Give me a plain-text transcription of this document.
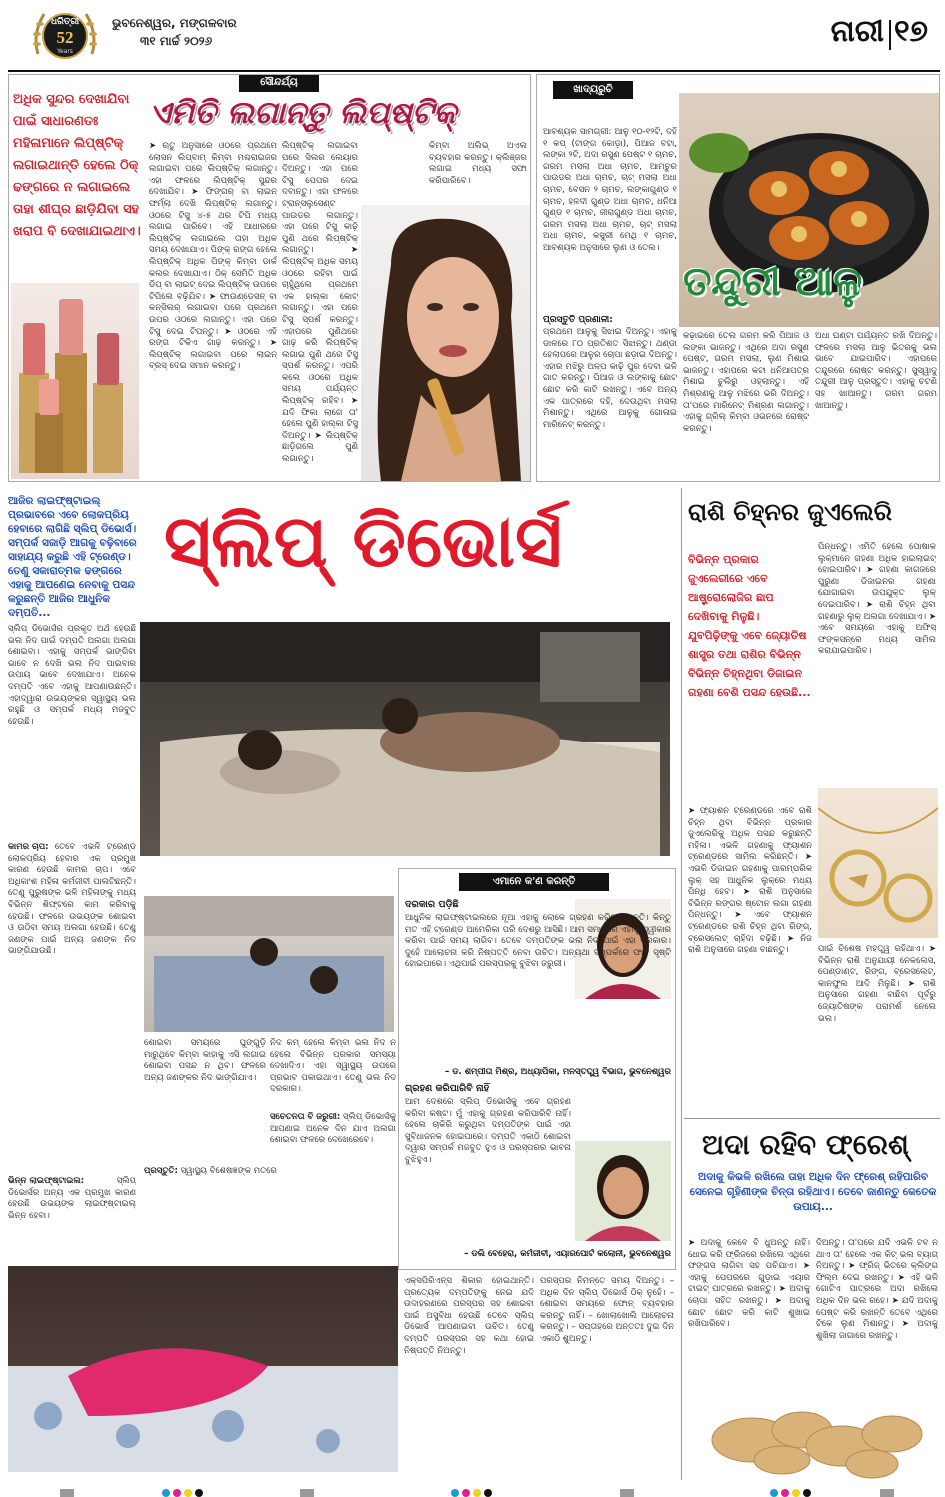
ଧରିତ୍ରୀ
52
Years
ଭୁବନେଶ୍ୱର, ମଙ୍ଗଳବାର
୩୧ ମାର୍ଚ୍ଚ ୨୦୨୬	ନାରୀ ୧୭
ସୌନ୍ଦର୍ଯ୍ୟ
ଏମିତି ଲଗାନ୍ତୁ ଲିପ୍‌ଷ୍ଟିକ୍‌
ଅଧିକ ସୁନ୍ଦର ଦେଖାଯିବା ପାଇଁ ସାଧାରଣତଃ ମହିଳାମାନେ ଲିପ୍‌ଷ୍ଟିକ୍ ଲଗାଇଥାନ୍ତି ହେଲେ ଠିକ୍ ଢଙ୍ଗରେ ନ ଲଗାଇଲେ ତାହା ଶୀଘ୍ର ଛାଡ଼ିଯିବା ସହ ଖରାପ ବି ଦେଖାଯାଇଥାଏ।
➤ ଋତୁ ଅନୁସାରେ ଓଠରେ ପ୍ରଥମେ ଲୋସନ ଲିପ୍‌ବାମ୍ କିମ୍ବା ମଶ୍ଚରାଇଜର ଲଗାଇବା ପରେ ଲିପ୍‌ଷ୍ଟିକ୍ ଲଗାନ୍ତୁ। ଏହା ଫଳରେ ଲିପ୍‌ଷ୍ଟିକ୍ ସୁନ୍ଦର ଦେଖାଯିବ। ➤ ଫିଙ୍ଗର୍ ବା ଲାଇନ୍ ଫର୍ମ୍ଲା ଦେଖି ଲିପ୍‌ଷ୍ଟିକ୍ ଲଗାନ୍ତୁ। ଓଠରେ ଟିସୁ ୪-୫ ଥର ଟିପି ମଧ୍ୟ ଲଗାଇ ପାରିବେ। ଏହି ଆଧାରରେ ଲିପ୍‌ଷ୍ଟିକ୍ ଲଗାଇଲେ ତାହା ଅଧିକ ସମୟ ଦେଖାଯାଏ। ପିଙ୍କ୍ ରଙ୍ଗ ହେଲେ ଲିପ୍‌ଷ୍ଟିକ୍ ଅଧିକ ପିଙ୍କ୍ କିମ୍ବା ଡାର୍କ କଲର ଦେଖାଯାଏ। ଠିକ୍ ସେମିତି ଅଧିକ ଡିପ୍ ବା ଲାଇଟ୍ ଦେଇ ଲିପ୍‌ଷ୍ଟିକ୍ ଉପରେ ଟିପିଲେ ବଢ଼ିଯିବ। ➤ ଫାଉଣ୍ଡେସନ୍ ବା କନ୍‌ସିଲର୍ ଲଗାଇବା ପରେ ପ୍ରଥମେ ଉପର ଓଠରେ ଲଗାନ୍ତୁ। ଏହା ପରେ ଟିସୁ ଦେଇ ଟିପନ୍ତୁ। ➤ ଓଠରେ ଏହି ରଙ୍ଗ ଟିକିଏ ଗାଢ଼ କରନ୍ତୁ। ➤ ଲିପ୍‌ଷ୍ଟିକ୍ ଲଗାଇବା ପରେ ଲାଇନ୍ ବ୍ରସ୍ ଦେଇ ସମାନ କରନ୍ତୁ।
ଲିପ୍‌ଷ୍ଟିକ୍ ଲଗାଇବା ପରେ ସିଲର ଲେୟାର ଦିଅନ୍ତୁ। ଏହା ପରେ ଟିସୁ ପେପର ଦେଇ ଦବାନ୍ତୁ। ଏହା ଫଳରେ ଟ୍ରାନ୍ସଲୁସେଣ୍ଟ ପାଉଡର ଲଗାନ୍ତୁ। ଏହା ପରେ ଟିସୁ କାଢ଼ି ପୁଣି ଥରେ ଲିପ୍‌ଷ୍ଟିକ୍ ଲଗାନ୍ତୁ। ➤ ଲିପ୍‌ଷ୍ଟିକ୍ ଅଧିକ ସମୟ ଓଠରେ ରହିବା ପାଇଁ ଚାହୁଁଥିଲେ ପ୍ରଥମେ ଏକ ହାଲ୍‌କା କୋଟ୍ ଲଗାନ୍ତୁ। ଏହା ପରେ ଟିସୁ ସ୍ପର୍ଶ କରନ୍ତୁ। ଏହାପରେ ପୁଣିଥରେ ଗାଢ଼ କରି ଲିପ୍‌ଷ୍ଟିକ୍ ଲଗାଇ ପୁଣି ଥରେ ଟିସୁ ସ୍ପର୍ଶ କରନ୍ତୁ। ଏପରି କଲେ ଓଠରେ ଅଧିକ ସମୟ ପର୍ଯ୍ୟନ୍ତ ଲିପ୍‌ଷ୍ଟିକ୍ ରହିବ। ➤ ଯଦି ଫିକା ଲାଗେ ତା' ହେଲେ ପୁଣି ହାଲ୍‌କା ଟିସୁ ଦିଅନ୍ତୁ। ➤ ଲିପ୍‌ଷ୍ଟିକ୍ ଛାଡ଼ିଗଲେ ପୁଣି ଲଗାନ୍ତୁ।
କିମ୍ବା ଅଲିଭ୍ ଅଏଲ ବ୍ୟବହାର କରନ୍ତୁ। କ୍ଲିଞ୍ଜର ଲଗାଇ ମଧ୍ୟ ସଫା କରିପାରିବେ।
ଖାଦ୍ୟରୁଚି
ତନ୍ଦୁରୀ ଆଳୁ
ଆବଶ୍ୟକ ସାମଗ୍ରୀ: ଆଳୁ ୧୦-୧୨ଟି, ଦହି ୧ କପ୍ (ଟାଙ୍ଗ କୋଡ଼ା), ପିଆଜ ବଟା, ଲଙ୍କା ୨ଟି, ଅଦା ରସୁଣ ପେଷ୍ଟ ୧ ଚାମଚ, ଗରମ ମସଲା ଅଧା ଚାମଚ, ଆମଚୁର ପାଉଡର ଅଧା ଚାମଚ, ଚାଟ୍ ମସଲା ଅଧା ଚାମଚ, ବେସନ ୨ ଚାମଚ, ଲଙ୍କାଗୁଣ୍ଡ ୧ ଚାମଚ, ହଳଦୀ ଗୁଣ୍ଡ ଅଧା ଚାମଚ, ଧନିଆ ଗୁଣ୍ଡ ୧ ଚାମଚ, ଜୀରାଗୁଣ୍ଡ ଅଧା ଚାମଚ, ଗରମ ମସଲା ଅଧା ଚାମଚ, ଚାଟ୍ ମସଲା ଅଧା ଚାମଚ, କସୁରୀ ମେଥି ୧ ଚାମଚ, ଆବଶ୍ୟକ ଅନୁସାରେ ଲୁଣ ଓ ତେଲ।
ପ୍ରସ୍ତୁତି ପ୍ରଣାଳୀ:
ପ୍ରଥମେ ଆଳୁକୁ ସିଝାଇ ଦିଅନ୍ତୁ। ଏହାକୁ ଡାଳରେ ୮୦ ପ୍ରତିଶତ ସିଝାନ୍ତୁ। ଥଣ୍ଡା ହେଲାପରେ ଆଳୁର ଚୋପା ଛଡ଼ାଇ ଦିଅନ୍ତୁ। ଏହାର ମଝିରୁ ଅଳ୍ପ କାଢ଼ି ପୁର ଦେବା ଭଳି ଗାତ କରନ୍ତୁ। ପିଆଜ ଓ ଲଙ୍କାକୁ ଛୋଟ ଛୋଟ କରି କାଟି ରଖନ୍ତୁ। ଏବେ ଅନ୍ୟ ଏକ ପାତ୍ରରେ ଦହି, ଦେଉଥିବା ମସଲା ମିଶାନ୍ତୁ। ଏଥିରେ ଆଳୁକୁ ଗୋଳାଇ ମାରିନେଟ୍ କରନ୍ତୁ।
କଢ଼ାଇରେ ତେଲ ଗରମ କରି ପିଆଜ ଓ ଲଙ୍କା ଭାଜନ୍ତୁ। ଏଥିରେ ଅଦା ରସୁଣ ପେଷ୍ଟ, ଗରମ ମସଲା, ଲୁଣ ମିଶାଇ ଭାଜନ୍ତୁ। ଏହାପରେ କଟା ଧନିଆପତ୍ର ମିଶାଇ ଚୁଲିରୁ ଓହ୍ଲାନ୍ତୁ। ଏହି ମିଶ୍ରଣକୁ ଆଳୁ ମଝିରେ ଭରି ଦିଅନ୍ତୁ। ତା'ପରେ ମାରିନେଟ୍ ମିଶ୍ରଣ ଲଗାନ୍ତୁ। ଏହାକୁ ଗ୍ରିଲ୍ କିମ୍ବା ଓଭନରେ ରୋଷ୍ଟ କରନ୍ତୁ।
ଅଧା ଘଣ୍ଟା ପର୍ଯ୍ୟନ୍ତ ରଖି ଦିଅନ୍ତୁ। ଫଳରେ ମସଲା ଆଳୁ ଭିତରକୁ ଭଲ ଭାବେ ଯାଇପାରିବ। ଏହାପରେ ତନ୍ଦୁରରେ ରୋଷ୍ଟ କରନ୍ତୁ। ସୁସ୍ୱାଦୁ ତନ୍ଦୁରୀ ଆଳୁ ପ୍ରସ୍ତୁତ। ଏହାକୁ ଚଟଣି ସହ ଖାଆନ୍ତୁ। ଗରମ ଗରମ ଖାଆନ୍ତୁ।
ଆଜିର ଲାଇଫ୍‌ଷ୍ଟାଇଲ୍ ପ୍ରଭାବରେ ଏବେ ଲୋକପ୍ରିୟ ହେବାରେ ଲାଗିଛି ସ୍ଲିପ୍ ଡିଭୋର୍ସ। ସମ୍ପର୍କ ସଜାଡ଼ି ଆଗକୁ ବଢ଼ିବାରେ ସାହାଯ୍ୟ କରୁଛି ଏହି ଟ୍ରେଣ୍ଡ। ତେଣୁ ସକାରାତ୍ମକ ଢଙ୍ଗରେ ଏହାକୁ ଆପଣେଇ ନେବାକୁ ପସନ୍ଦ କରୁଛନ୍ତି ଆଜିର ଆଧୁନିକ ଦମ୍ପତି...
ସ୍ଲିପ୍ ଡିଭୋର୍ସ
ସ୍ଲିପ୍ ଡିଭୋର୍ସର ପ୍ରକୃତ ଅର୍ଥ ହେଉଛି ଭଲ ନିଦ ପାଇଁ ଦମ୍ପତି ଅଲଗା ଅଲଗା ଶୋଇବା। ଏହାକୁ ସମ୍ପର୍କ ଭାଙ୍ଗିବା ଭାବେ ନ ଦେଖି ଭଲ ନିଦ ପାଇବାର ଉପାୟ ଭାବେ ଦେଖାଯାଏ। ଅନେକ ଦମ୍ପତି ଏବେ ଏହାକୁ ଆପଣାଉଛନ୍ତି। ଏହାଦ୍ୱାରା ଉଭୟଙ୍କର ସ୍ୱାସ୍ଥ୍ୟ ଭଲ ରହୁଛି ଓ ସମ୍ପର୍କ ମଧ୍ୟ ମଜବୁତ ହେଉଛି।
କାମର ଚାପ: ତେବେ ଏଭଳି ଟ୍ରେଣ୍ଡ ଲୋକପ୍ରିୟ ହେବାର ଏକ ପ୍ରମୁଖ କାରଣ ହେଉଛି କାମର ଚାପ। ଏବେ ଅଧିକାଂଶ ମହିଳା କର୍ମଜୀବୀ ପାଲଟିଛନ୍ତି। ତେଣୁ ପୁରୁଷଙ୍କ ଭଳି ମହିଳାଙ୍କୁ ମଧ୍ୟ ବିଭିନ୍ନ ଶିଫ୍ଟରେ କାମ କରିବାକୁ ହେଉଛି। ଫଳରେ ଉଭୟଙ୍କ ଶୋଇବା ଓ ଉଠିବା ସମୟ ଅଲଗା ହେଉଛି। ତେଣୁ ଜଣଙ୍କ ପାଇଁ ଅନ୍ୟ ଜଣଙ୍କ ନିଦ ଭାଙ୍ଗିଯାଉଛି।
ଶୋଇବା ସମୟରେ ଘୁଙ୍ଗୁଡ଼ି ମାରୁଥିବେ କିମ୍ବା କାହାକୁ ଏସି ଲଗାଇ ଶୋଇବା ପସନ୍ଦ ନ ଥିବ। ଫଳରେ ଅନ୍ୟ ଜଣଙ୍କର ନିଦ ଭାଙ୍ଗିଯାଏ।
ଭିନ୍ନ ଲାଇଫ୍‌ଷ୍ଟାଇଲ:	ସ୍ଲିପ୍ ଡିଭୋର୍ସର ଅନ୍ୟ ଏକ ପ୍ରମୁଖ କାରଣ ହେଉଛି ଉଭୟଙ୍କ ଲାଇଫ୍‌ଷ୍ଟାଇଲ୍ ଭିନ୍ନ ହେବା।
ନିଦ କମ୍ ହେଲେ କିମ୍ବା ଭଲ ନିଦ ନ ହେଲେ ବିଭିନ୍ନ ପ୍ରକାର ସମସ୍ୟା ଦେଖାଦିଏ। ଏହା ସ୍ୱାସ୍ଥ୍ୟ ଉପରେ ପ୍ରଭାବ ପକାଇଥାଏ। ତେଣୁ ଭଲ ନିଦ ଦରକାର।
ସଚେତନତା ବି ଜରୁରୀ: ସ୍ଲିପ୍ ଡିଭୋର୍ସକୁ ଆପଣାଇ ଅନେକ ଦିନ ଯାଏ ଅଲଗା ଶୋଇବା ଫଳରେ ଦେଖେରେବେ।
ପ୍ରସ୍ତୁତି: ସ୍ୱାସ୍ଥ୍ୟ ବିଶେଷଜ୍ଞଙ୍କ ମତରେ
ଏକ୍ସପିରିଏନ୍ସ ଶିକାର ହୋଇଥାନ୍ତି। ପ୍ରତ୍ୟେକ ଦମ୍ପତିଙ୍କୁ ନେଇ ଯଦି ଉଦାହରଣରେ ପରସ୍ପର ସହ ଶୋଇବା ପାଇଁ ଅସୁବିଧା ହେଉଛି ତେବେ ସ୍ଲିପ୍ ଡିଭୋର୍ସ ଆପଣାଇବା ଉଚିତ। ତେଣୁ ଦମ୍ପତି ପରସ୍ପର ସହ କଥା ହୋଇ ନିଷ୍ପତ୍ତି ନିଅନ୍ତୁ।
ପରସ୍ପର ନିମନ୍ତେ ସମୟ ଦିଅନ୍ତୁ। – ଅଧିକ ଦିନ ସ୍ଲିପ୍ ଡିଭୋର୍ସ ଠିକ୍ ନୁହେଁ। – ଶୋଇବା ସମୟରେ ଫୋନ୍ ବ୍ୟବହାର କରନ୍ତୁ ନାହିଁ। – ଖୋଲାଖୋଲି ଆଲୋଚନା କରନ୍ତୁ। – ସପ୍ତାହରେ ଅନ୍ତତଃ ଦୁଇ ଦିନ ଏକାଠି ଶୁଅନ୍ତୁ।
ଏମାନେ କ'ଣ କରନ୍ତି
ଦରକାର ପଡ଼ିଛି
ଆଧୁନିକ ଲାଇଫ୍‌ଷ୍ଟାଇଲରେ ନୂଆ ଏହାକୁ ଲୋକେ ଗ୍ରହଣ କରିନେଇଛନ୍ତି। କିନ୍ତୁ ମତ ଏହି ଟ୍ରେଣ୍ଡ ଆମେରିକା ପରି ଦେଶରୁ ଆସିଛି। ଆମ ସମାଜରେ ଏହାକୁ ସ୍ୱୀକାର କରିବା ପାଇଁ ସମୟ ଲାଗିବ। ତେବେ ଦମ୍ପତିଙ୍କ ଭଲ ନିଦ ପାଇଁ ଏହା ଦରକାର। ଦୁହେଁ ଆଲୋଚନା କରି ନିଷ୍ପତ୍ତି ନେବା ଉଚିତ। ଅନ୍ୟଥା ସମ୍ପର୍କରେ ଫାଟ ସୃଷ୍ଟି ହୋଇପାରେ। ଏଥିପାଇଁ ପରସ୍ପରକୁ ବୁଝିବା ଜରୁରୀ।
– ଡ. ଶମ୍ପୀତା ମିଶ୍ର, ଅଧ୍ୟାପିକା, ମନସ୍ତତ୍ତ୍ୱ ବିଭାଗ, ଭୁବନେଶ୍ୱର
ଗ୍ରହଣ କରିପାରିବି ନାହିଁ
ଆମ ଦେଶରେ ସ୍ଲିପ୍ ଡିଭୋର୍ସକୁ ଏବେ ଗ୍ରହଣ କରିବା କଷ୍ଟ। ମୁଁ ଏହାକୁ ଗ୍ରହଣ କରିପାରିବି ନାହିଁ। ହେଲେ ଚାକିରି କରୁଥିବା ଦମ୍ପତିଙ୍କ ପାଇଁ ଏହା ସୁବିଧାଜନକ ହୋଇପାରେ। ଦମ୍ପତି ଏକାଠି ଶୋଇବା ଦ୍ୱାରା ସମ୍ପର୍କ ମଜବୁତ ହୁଏ ଓ ପରସ୍ପରର ଭାବନା ବୁଝିହୁଏ।
– ଡଲି ବେହେରା, କର୍ମଜୀବୀ, ଏୟାରପୋର୍ଟ କଲୋନୀ, ଭୁବନେଶ୍ୱର
ରାଶି ଚିହ୍ନର ଜୁଏଲେରି
ବିଭିନ୍ନ ପ୍ରକାର ଜୁଏଲେରୀରେ ଏବେ ଆଷ୍ଟ୍ରୋଲୋଜିର ଛାପ ଦେଖିବାକୁ ମିଳୁଛି। ଯୁବପିଢ଼ିଙ୍କୁ ଏବେ ଜ୍ୟୋତିଷ ଶାସ୍ତ୍ର ତଥା ରାଶିର ବିଭିନ୍ନ ବିଭିନ୍ନ ଚିହ୍ନଥିବା ଡିଜାଇନ ଗହଣା ବେଶି ପସନ୍ଦ ହେଉଛି...
➤ ଫ୍ୟାଶନ ଟ୍ରେଣ୍ଡରେ ଏବେ ରାଶି ଚିହ୍ନ ଥିବା ବିଭିନ୍ନ ପ୍ରକାର ଜୁଏଲେରିକୁ ଅଧିକ ପସନ୍ଦ କରୁଛନ୍ତି ମହିଳା। ଏଭଳି ଗହଣାକୁ ଫ୍ୟାଶନ ଟ୍ରେଣ୍ଡରେ ସାମିଲ କରିଛନ୍ତି। ➤ ଏଭଳି ଡିଜାଇନ ଗହଣାକୁ ପାରମ୍ପରିକ ଲୁକ୍ ସହ ଆଧୁନିକ ଲୁକ୍‌ରେ ମଧ୍ୟ ପିନ୍ଧି ହେବ। ➤ ରାଶି ଅନୁସାରେ ବିଭିନ୍ନ ରଙ୍ଗର ଷ୍ଟୋନ ଲଗା ଗହଣା ପିନ୍ଧନ୍ତୁ। ➤ ଏବେ ଫ୍ୟାଶନ ଟ୍ରେଣ୍ଡରେ ରାଶି ଚିହ୍ନ ଥିବା ରିଙ୍ଗ୍, ବ୍ରେସଲେଟ୍ ଚାହିଦା ବଢ଼ିଛି। ➤ ନିଜ ରାଶି ଅନୁସାରେ ଗହଣା ବାଛନ୍ତୁ।
ପିନ୍ଧନ୍ତୁ। ଏମିତି ହେଲେ ପୋଷାକ ଲୁକ୍‌ମାନେ ଗହଣା ଅଧିକ ହାଇଲାଇଟ୍ ହୋଇପାରିବ। ➤ ଗହଣା କାଗଜରେ ପୁରୁଣା ଡିଜାଇନର ଗହଣା ଯୋଗାଇବା ଉପଯୁକ୍ତ ଲୁକ୍ ଦେଇପାରିବ। ➤ ରାଶି ଚିହ୍ନ ଥିବା ଗହଣାରୁ ଲୁକ୍ ଅଲଗା ଦେଖାଯାଏ। ➤ ଏବେ ସମୟରେ ଏହାକୁ ଅଫିସ୍ ଫଙ୍କସନ୍‌ରେ ମଧ୍ୟ ସାମିଲ କରାଯାଇପାରିବ।
ପାଇଁ ଚିଶେଷ ମହତ୍ତ୍ୱ ରହିଥାଏ। ➤ ବିଭିନ୍ନ ରାଶି ଅନୁଯାୟୀ ନେକଲେସ, ପେଣ୍ଡାଣ୍ଟ, ରିଙ୍ଗ, ବ୍ରେସଲେଟ୍, କାନଫୁଲ ଆଦି ମିଳୁଛି। ➤ ରାଶି ଅନୁସାରେ ଗହଣା ବାଛିବା ପୂର୍ବରୁ ଜ୍ୟୋତିଷଙ୍କ ପରାମର୍ଶ ନେଲେ ଭଲ।
ଅଦା ରହିବ ଫ୍ରେଶ୍
ଅଦାକୁ କିଭଳି ରଖିଲେ ତାହା ଅଧିକ ଦିନ ଫ୍ରେଶ୍ ରହିପାରିବ ସେନେଇ ଗୃହିଣୀଙ୍କ ଚିନ୍ତା ରହିଥାଏ। ତେବେ ଜାଣନ୍ତୁ କେତେକ ଉପାୟ...
➤ ଅଦାକୁ କେବେ ବି ଧୁଅନ୍ତୁ ନାହିଁ। ଧୋଇ କରି ଫ୍ରିଜରେ ରଖିଲେ ଏଥିରେ ଫଙ୍ଗସ ଲାଗିବା ସହ ପଚିଯାଏ। ➤ ଏହାକୁ ପେପରରେ ଗୁଡ଼ାଇ ଏୟାର ଟାଇଟ୍ ପାତ୍ରରେ ରଖନ୍ତୁ। ➤ ଅଦାକୁ ଚୋପା ସହିତ ରଖନ୍ତୁ। ➤ ଅଦାକୁ ଛୋଟ ଛୋଟ କରି କାଟି ଶୁଖାଇ ରଖିପାରିବେ।
ଦିଅନ୍ତୁ। ତା'ପରେ ଯଦି ଏଭଳି ଟବ ନ ଥାଏ ତା' ହେଲେ ଏକ କିଟ୍ ଭଲ ବ୍ୟାଗ୍ ନିଅନ୍ତୁ। ➤ ଫ୍ରିଜ୍ ଭିତରେ କ୍ଲିଙ୍ଗ ଫିଲ୍ମ ଦେଇ ରଖନ୍ତୁ। ➤ ଏହି ଭଳି ଗୋଟିଏ ପାତ୍ରରେ ଅଦା ରଖିଲେ ଅଧିକ ଦିନ ଭଲ ରହେ। ➤ ଯଦି ଅଦାକୁ ପେଷ୍ଟ କରି ରଖନ୍ତି ତେବେ ଏଥିରେ ଟିକେ ଲୁଣ ମିଶାନ୍ତୁ। ➤ ଅଦାକୁ ଶୁଖିଲା ଜାଗାରେ ରଖନ୍ତୁ।
